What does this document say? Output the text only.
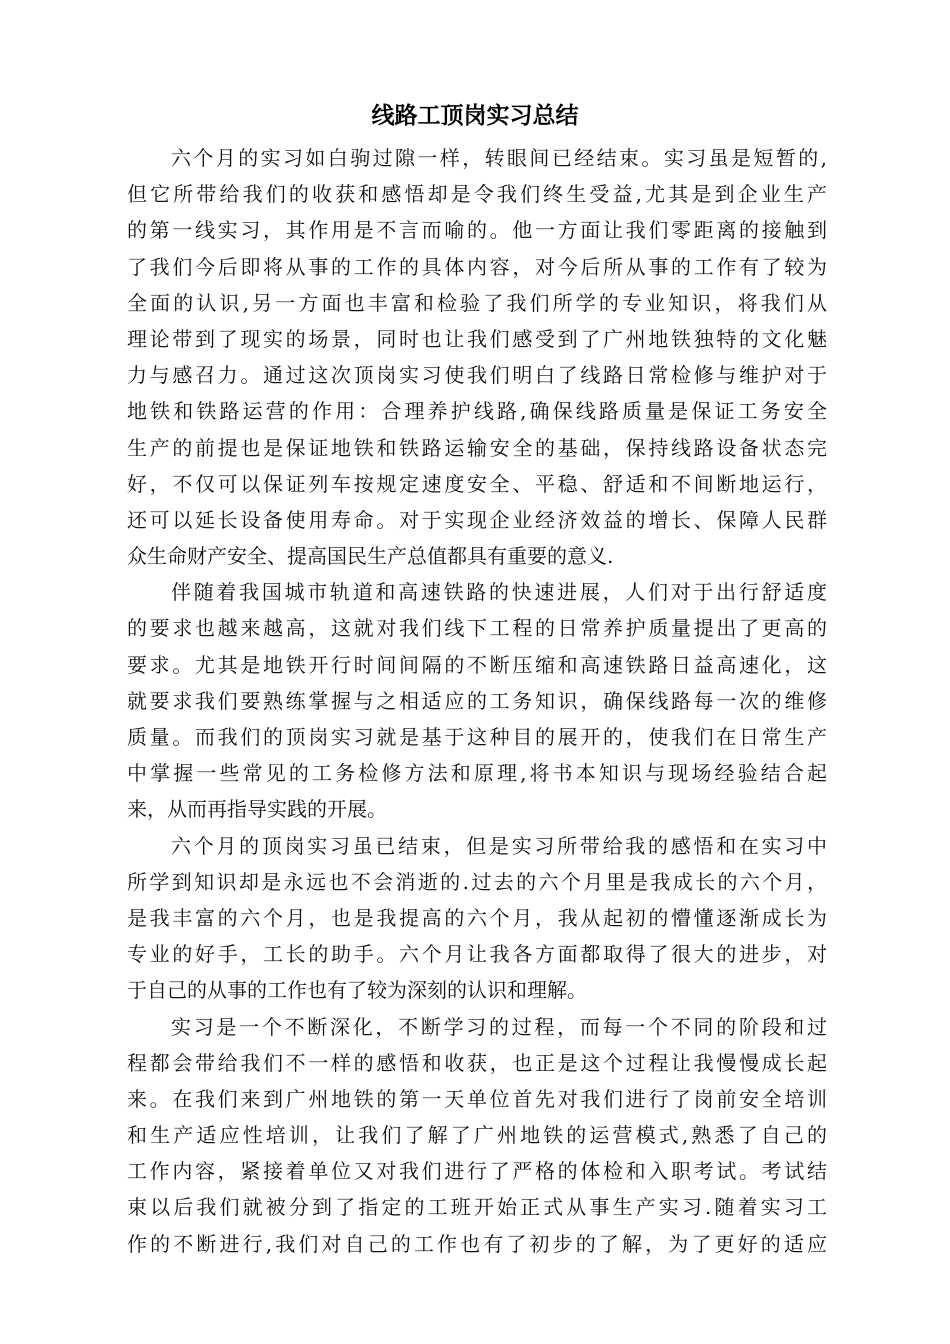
线路工顶岗实习总结
六个月的实习如白驹过隙一样，转眼间已经结束。实习虽是短暂的,
但它所带给我们的收获和感悟却是令我们终生受益,尤其是到企业生产
的第一线实习，其作用是不言而喻的。他一方面让我们零距离的接触到
了我们今后即将从事的工作的具体内容，对今后所从事的工作有了较为
全面的认识,另一方面也丰富和检验了我们所学的专业知识，将我们从
理论带到了现实的场景，同时也让我们感受到了广州地铁独特的文化魅
力与感召力。通过这次顶岗实习使我们明白了线路日常检修与维护对于
地铁和铁路运营的作用：合理养护线路,确保线路质量是保证工务安全
生产的前提也是保证地铁和铁路运输安全的基础，保持线路设备状态完
好，不仅可以保证列车按规定速度安全、平稳、舒适和不间断地运行，
还可以延长设备使用寿命。对于实现企业经济效益的增长、保障人民群
众生命财产安全、提高国民生产总值都具有重要的意义.
伴随着我国城市轨道和高速铁路的快速进展，人们对于出行舒适度
的要求也越来越高，这就对我们线下工程的日常养护质量提出了更高的
要求。尤其是地铁开行时间间隔的不断压缩和高速铁路日益高速化，这
就要求我们要熟练掌握与之相适应的工务知识，确保线路每一次的维修
质量。而我们的顶岗实习就是基于这种目的展开的，使我们在日常生产
中掌握一些常见的工务检修方法和原理,将书本知识与现场经验结合起
来，从而再指导实践的开展。
六个月的顶岗实习虽已结束，但是实习所带给我的感悟和在实习中
所学到知识却是永远也不会消逝的.过去的六个月里是我成长的六个月，
是我丰富的六个月，也是我提高的六个月，我从起初的懵懂逐渐成长为
专业的好手，工长的助手。六个月让我各方面都取得了很大的进步，对
于自己的从事的工作也有了较为深刻的认识和理解。
实习是一个不断深化，不断学习的过程，而每一个不同的阶段和过
程都会带给我们不一样的感悟和收获，也正是这个过程让我慢慢成长起
来。在我们来到广州地铁的第一天单位首先对我们进行了岗前安全培训
和生产适应性培训，让我们了解了广州地铁的运营模式,熟悉了自己的
工作内容，紧接着单位又对我们进行了严格的体检和入职考试。考试结
束以后我们就被分到了指定的工班开始正式从事生产实习.随着实习工
作的不断进行,我们对自己的工作也有了初步的了解，为了更好的适应
